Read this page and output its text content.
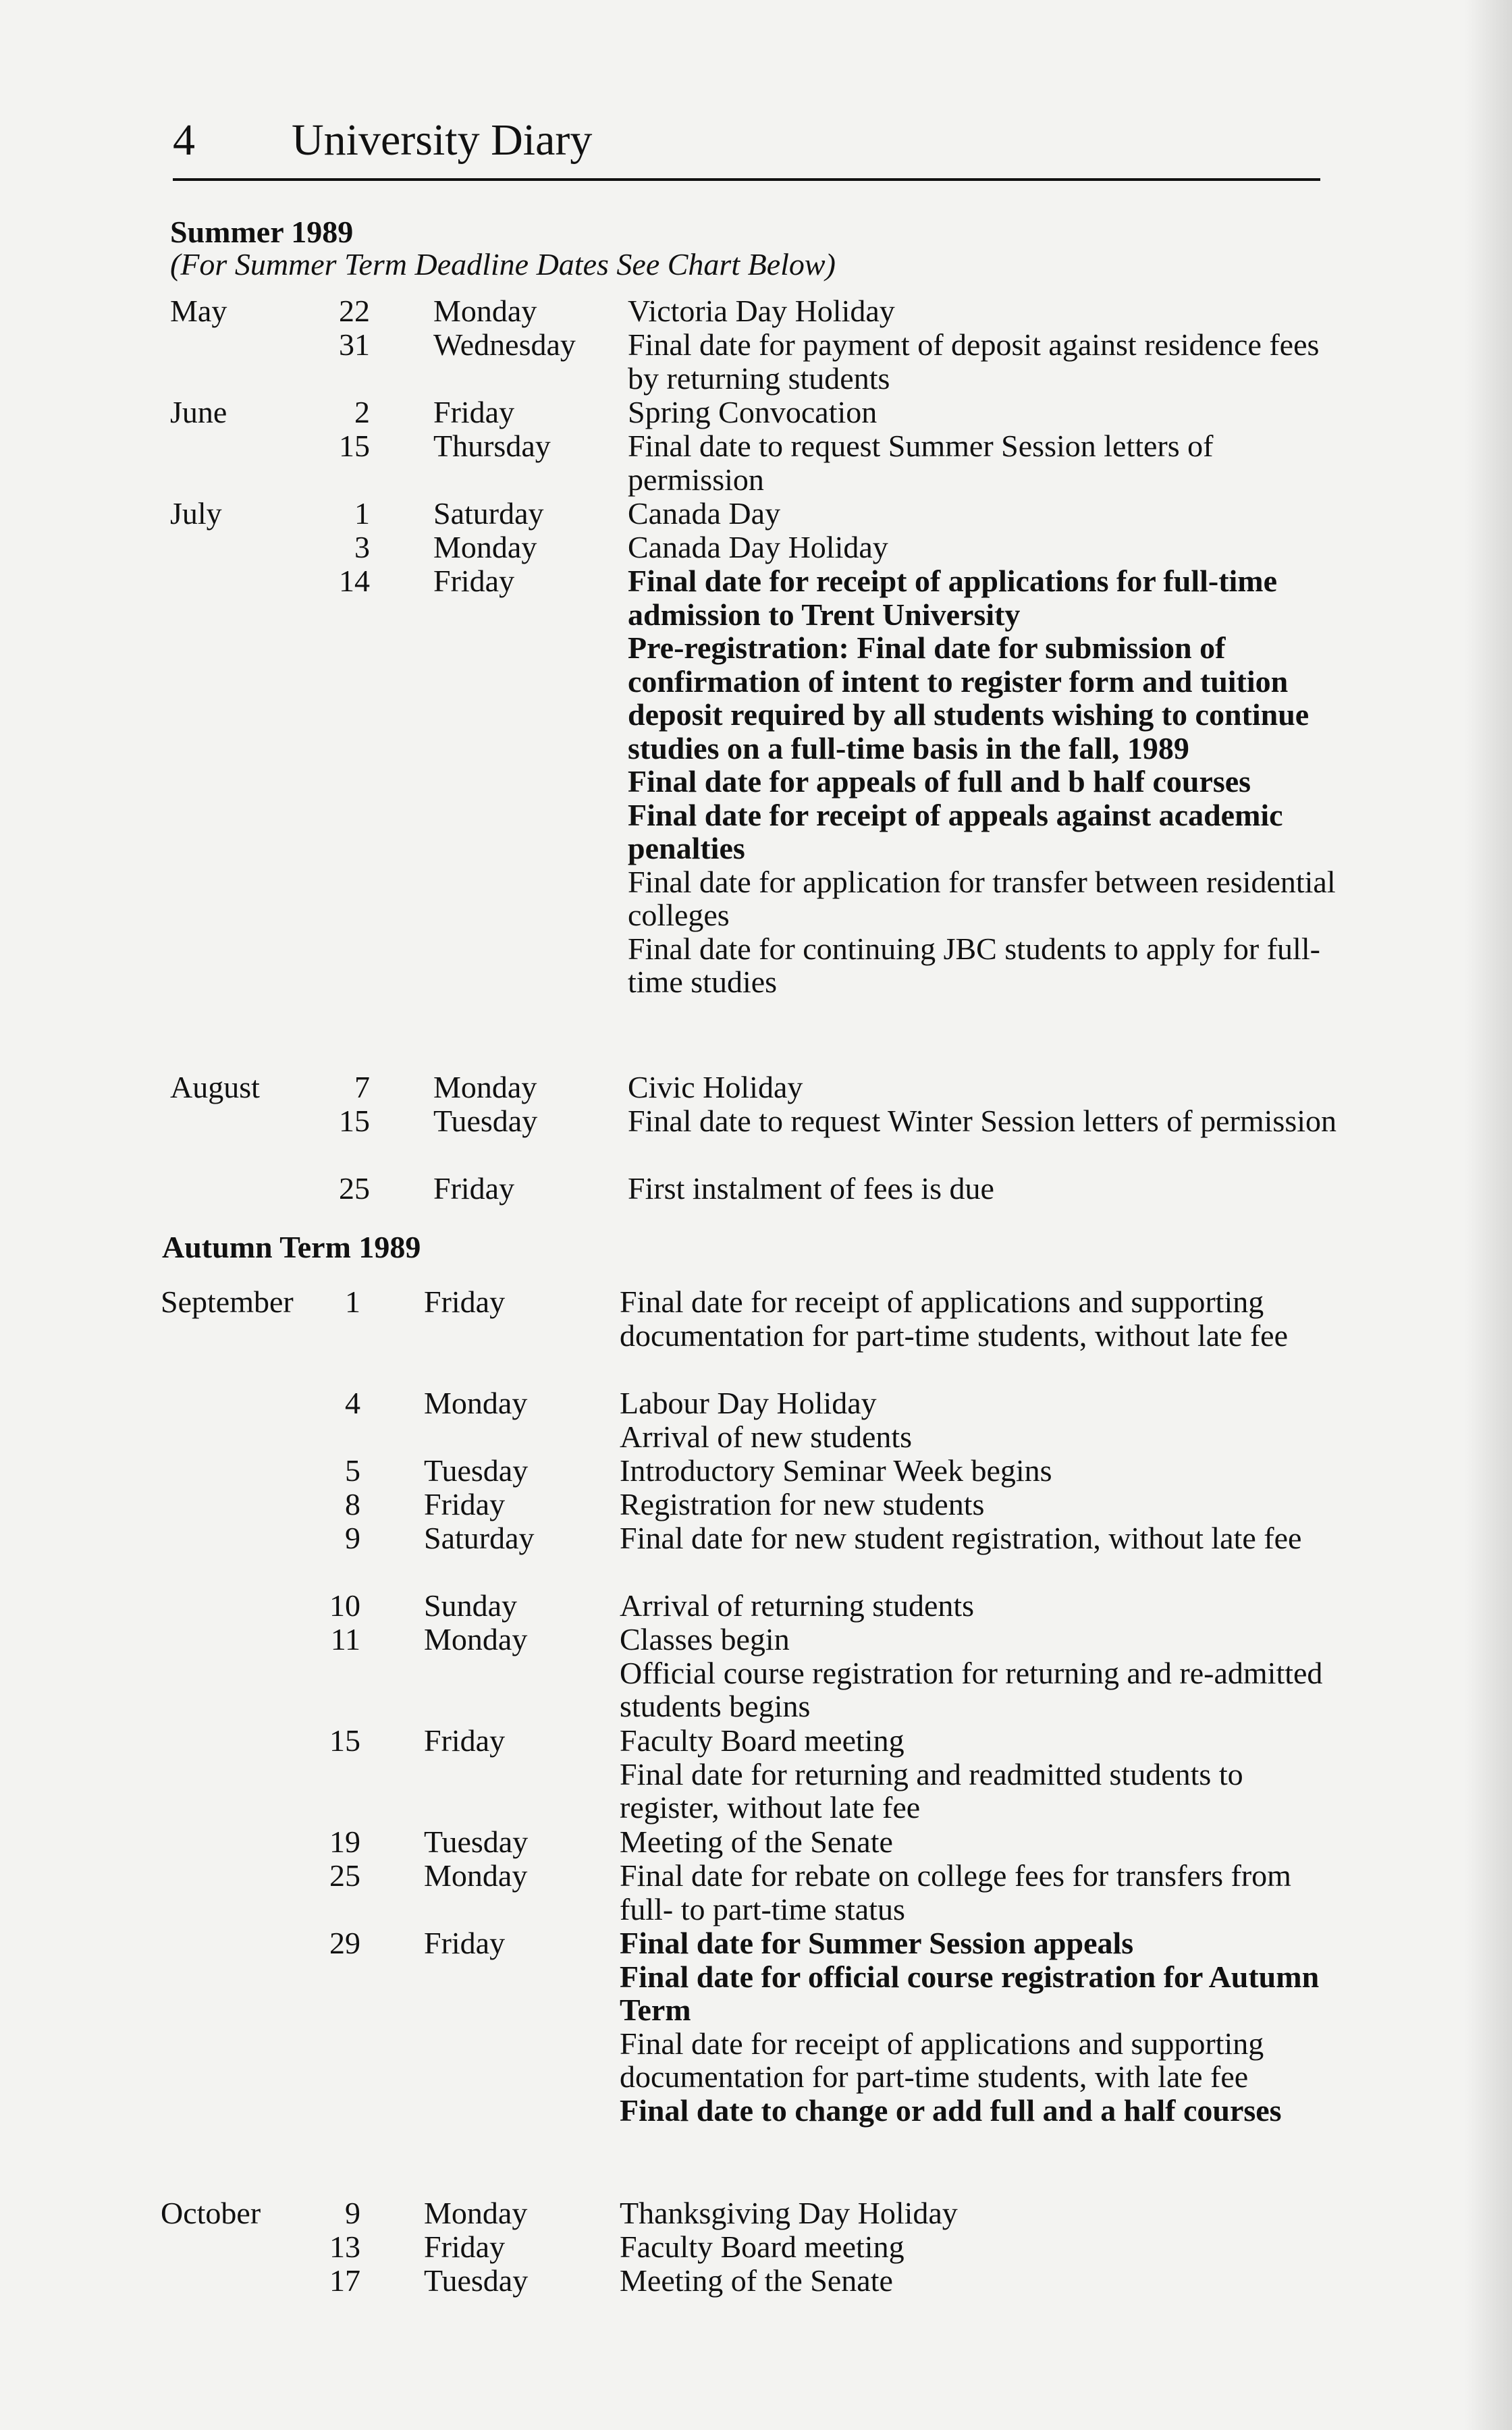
4 University Diary
Summer 1989
(For Summer Term Deadline Dates See Chart Below)
Autumn Term 1989
May	22 Monday	Victoria Day Holiday
31 Wednesday Final date for payment of deposit against residence fees by returning students
June	2 Friday	Spring Convocation
15 Thursday Final date to request Summer Session letters of permission
July	1 Saturday	Canada Day
3 Monday	Canada Day Holiday
14 Friday	Final date for receipt of applications for full-time admission to Trent University
Pre-registration: Final date for submission of confirmation of intent to register form and tuition deposit required by all students wishing to continue studies on a full-time basis in the fall, 1989
Final date for appeals of full and b half courses
Final date for receipt of appeals against academic penalties
Final date for application for transfer between residential colleges
Final date for continuing JBC students to apply for full-time studies
August	7 Monday	Civic Holiday
15 Tuesday	Final date to request Winter Session letters of permission
25 Friday	First instalment of fees is due
September	1 Friday	Final date for receipt of applications and supporting documentation for part-time students, without late fee
4 Monday	Labour Day Holiday
Arrival of new students
5 Tuesday	Introductory Seminar Week begins
8 Friday	Registration for new students
9 Saturday	Final date for new student registration, without late fee
10 Sunday	Arrival of returning students
11 Monday	Classes begin
Official course registration for returning and re-admitted students begins
15 Friday	Faculty Board meeting
Final date for returning and readmitted students to register, without late fee
19 Tuesday	Meeting of the Senate
25 Monday	Final date for rebate on college fees for transfers from full- to part-time status
29 Friday	Final date for Summer Session appeals
Final date for official course registration for Autumn Term
Final date for receipt of applications and supporting documentation for part-time students, with late fee
Final date to change or add full and a half courses
October	9 Monday	Thanksgiving Day Holiday
13 Friday	Faculty Board meeting
17 Tuesday	Meeting of the Senate
